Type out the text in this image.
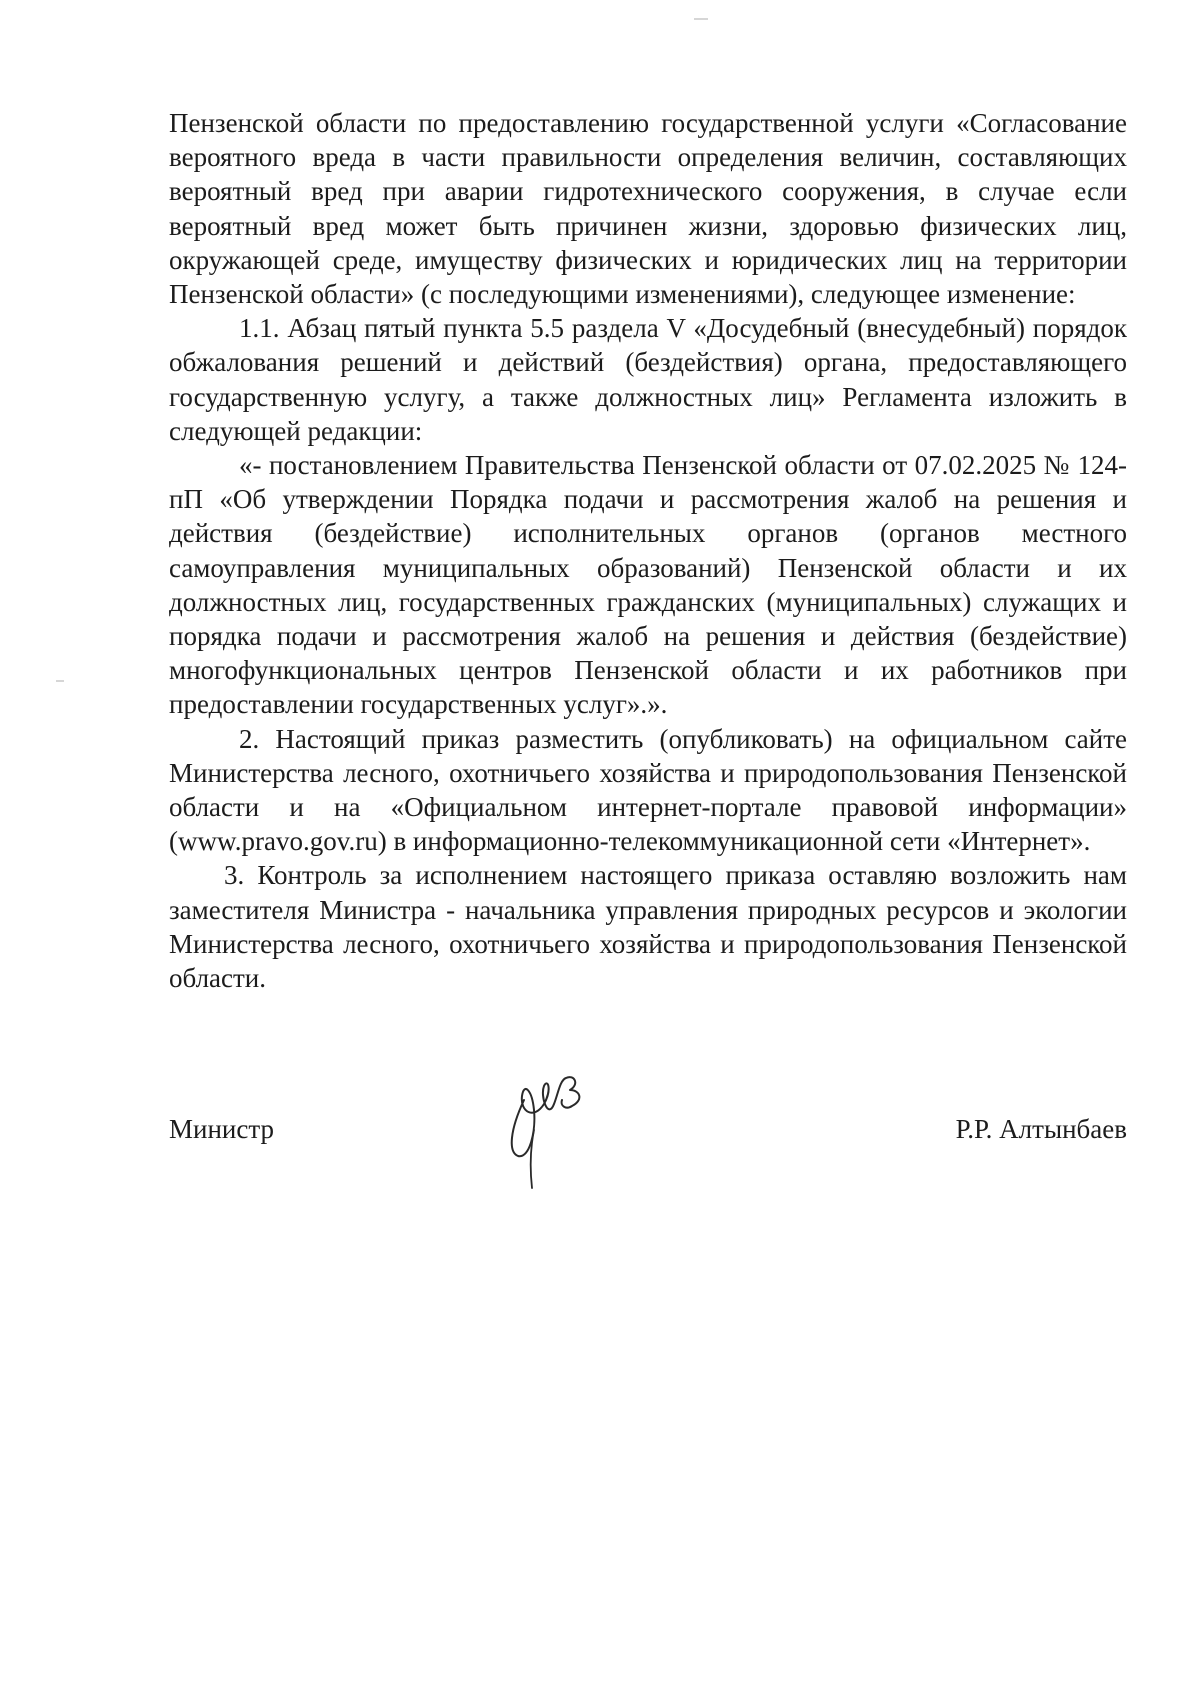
Пензенской области по предоставлению государственной услуги «Согласование вероятного вреда в части правильности определения величин, составляющих вероятный вред при аварии гидротехнического сооружения, в случае если вероятный вред может быть причинен жизни, здоровью физических лиц, окружающей среде, имуществу физических и юридических лиц на территории Пензенской области» (с последующими изменениями), следующее изменение:

1.1. Абзац пятый пункта 5.5 раздела V «Досудебный (внесудебный) порядок обжалования решений и действий (бездействия) органа, предоставляющего государственную услугу, а также должностных лиц» Регламента изложить в следующей редакции:

«- постановлением Правительства Пензенской области от 07.02.2025 № 124-пП «Об утверждении Порядка подачи и рассмотрения жалоб на решения и действия (бездействие) исполнительных органов (органов местного самоуправления муниципальных образований) Пензенской области и их должностных лиц, государственных гражданских (муниципальных) служащих и порядка подачи и рассмотрения жалоб на решения и действия (бездействие) многофункциональных центров Пензенской области и их работников при предоставлении государственных услуг».».

2. Настоящий приказ разместить (опубликовать) на официальном сайте Министерства лесного, охотничьего хозяйства и природопользования Пензенской области и на «Официальном интернет-портале правовой информации» (www.pravo.gov.ru) в информационно-телекоммуникационной сети «Интернет».

3. Контроль за исполнением настоящего приказа оставляю возложить нам заместителя Министра - начальника управления природных ресурсов и экологии Министерства лесного, охотничьего хозяйства и природопользования Пензенской области.

Министр	Р.Р. Алтынбаев
